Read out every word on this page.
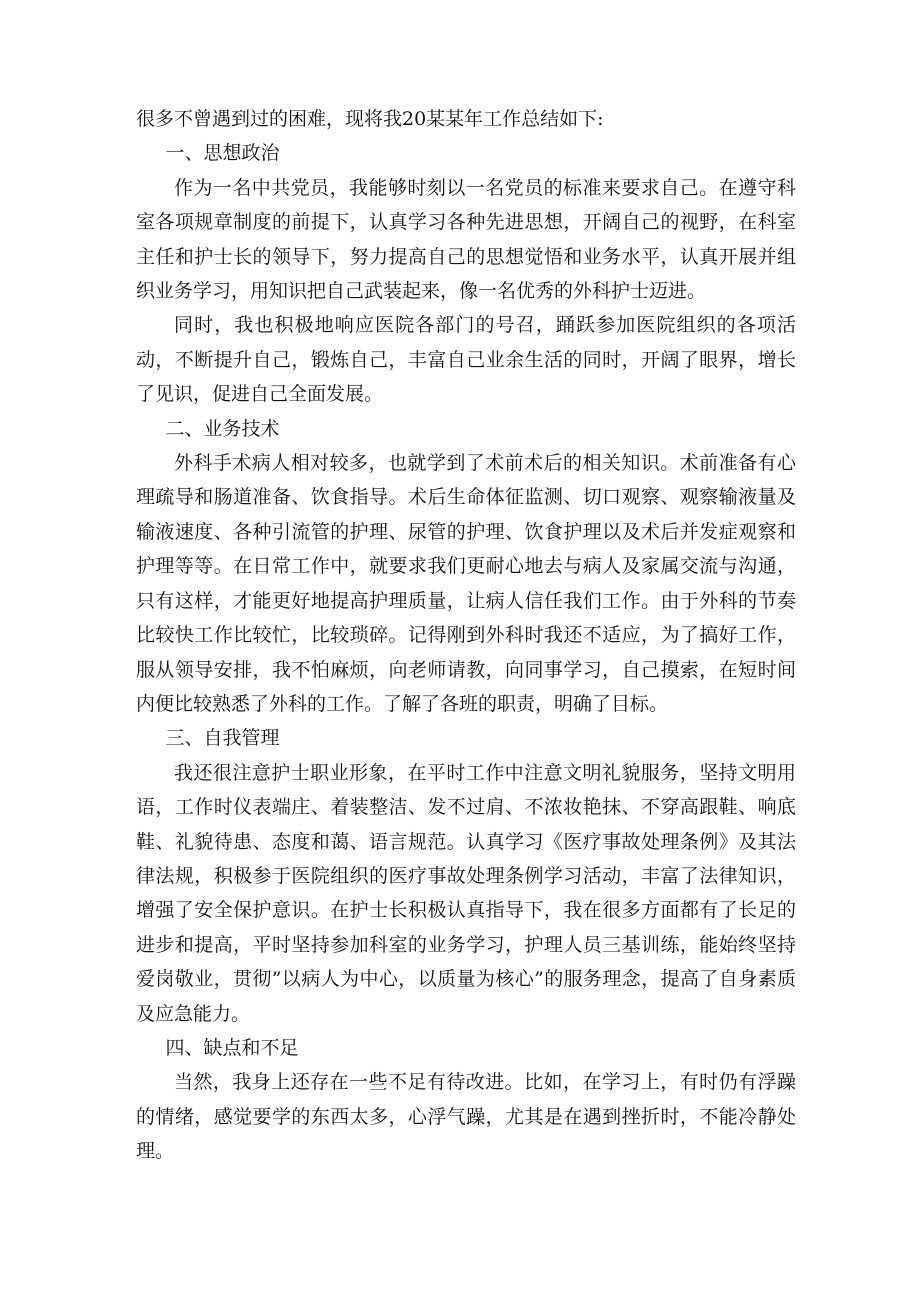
很多不曾遇到过的困难，现将我20某某年工作总结如下:

一、思想政治

作为一名中共党员，我能够时刻以一名党员的标准来要求自己。在遵守科室各项规章制度的前提下，认真学习各种先进思想，开阔自己的视野，在科室主任和护士长的领导下，努力提高自己的思想觉悟和业务水平，认真开展并组织业务学习，用知识把自己武装起来，像一名优秀的外科护士迈进。

同时，我也积极地响应医院各部门的号召，踊跃参加医院组织的各项活动，不断提升自己，锻炼自己，丰富自己业余生活的同时，开阔了眼界，增长了见识，促进自己全面发展。

二、业务技术

外科手术病人相对较多，也就学到了术前术后的相关知识。术前准备有心理疏导和肠道准备、饮食指导。术后生命体征监测、切口观察、观察输液量及输液速度、各种引流管的护理、尿管的护理、饮食护理以及术后并发症观察和护理等等。在日常工作中，就要求我们更耐心地去与病人及家属交流与沟通，只有这样，才能更好地提高护理质量，让病人信任我们工作。由于外科的节奏比较快工作比较忙，比较琐碎。记得刚到外科时我还不适应，为了搞好工作，服从领导安排，我不怕麻烦，向老师请教，向同事学习，自己摸索，在短时间内便比较熟悉了外科的工作。了解了各班的职责，明确了目标。

三、自我管理

我还很注意护士职业形象，在平时工作中注意文明礼貌服务，坚持文明用语，工作时仪表端庄、着装整洁、发不过肩、不浓妆艳抹、不穿高跟鞋、响底鞋、礼貌待患、态度和蔼、语言规范。认真学习《医疗事故处理条例》及其法律法规，积极参于医院组织的医疗事故处理条例学习活动，丰富了法律知识，增强了安全保护意识。在护士长积极认真指导下，我在很多方面都有了长足的进步和提高，平时坚持参加科室的业务学习，护理人员三基训练，能始终坚持爱岗敬业，贯彻”以病人为中心，以质量为核心”的服务理念，提高了自身素质及应急能力。

四、缺点和不足

当然，我身上还存在一些不足有待改进。比如，在学习上，有时仍有浮躁的情绪，感觉要学的东西太多，心浮气躁，尤其是在遇到挫折时，不能冷静处理。
